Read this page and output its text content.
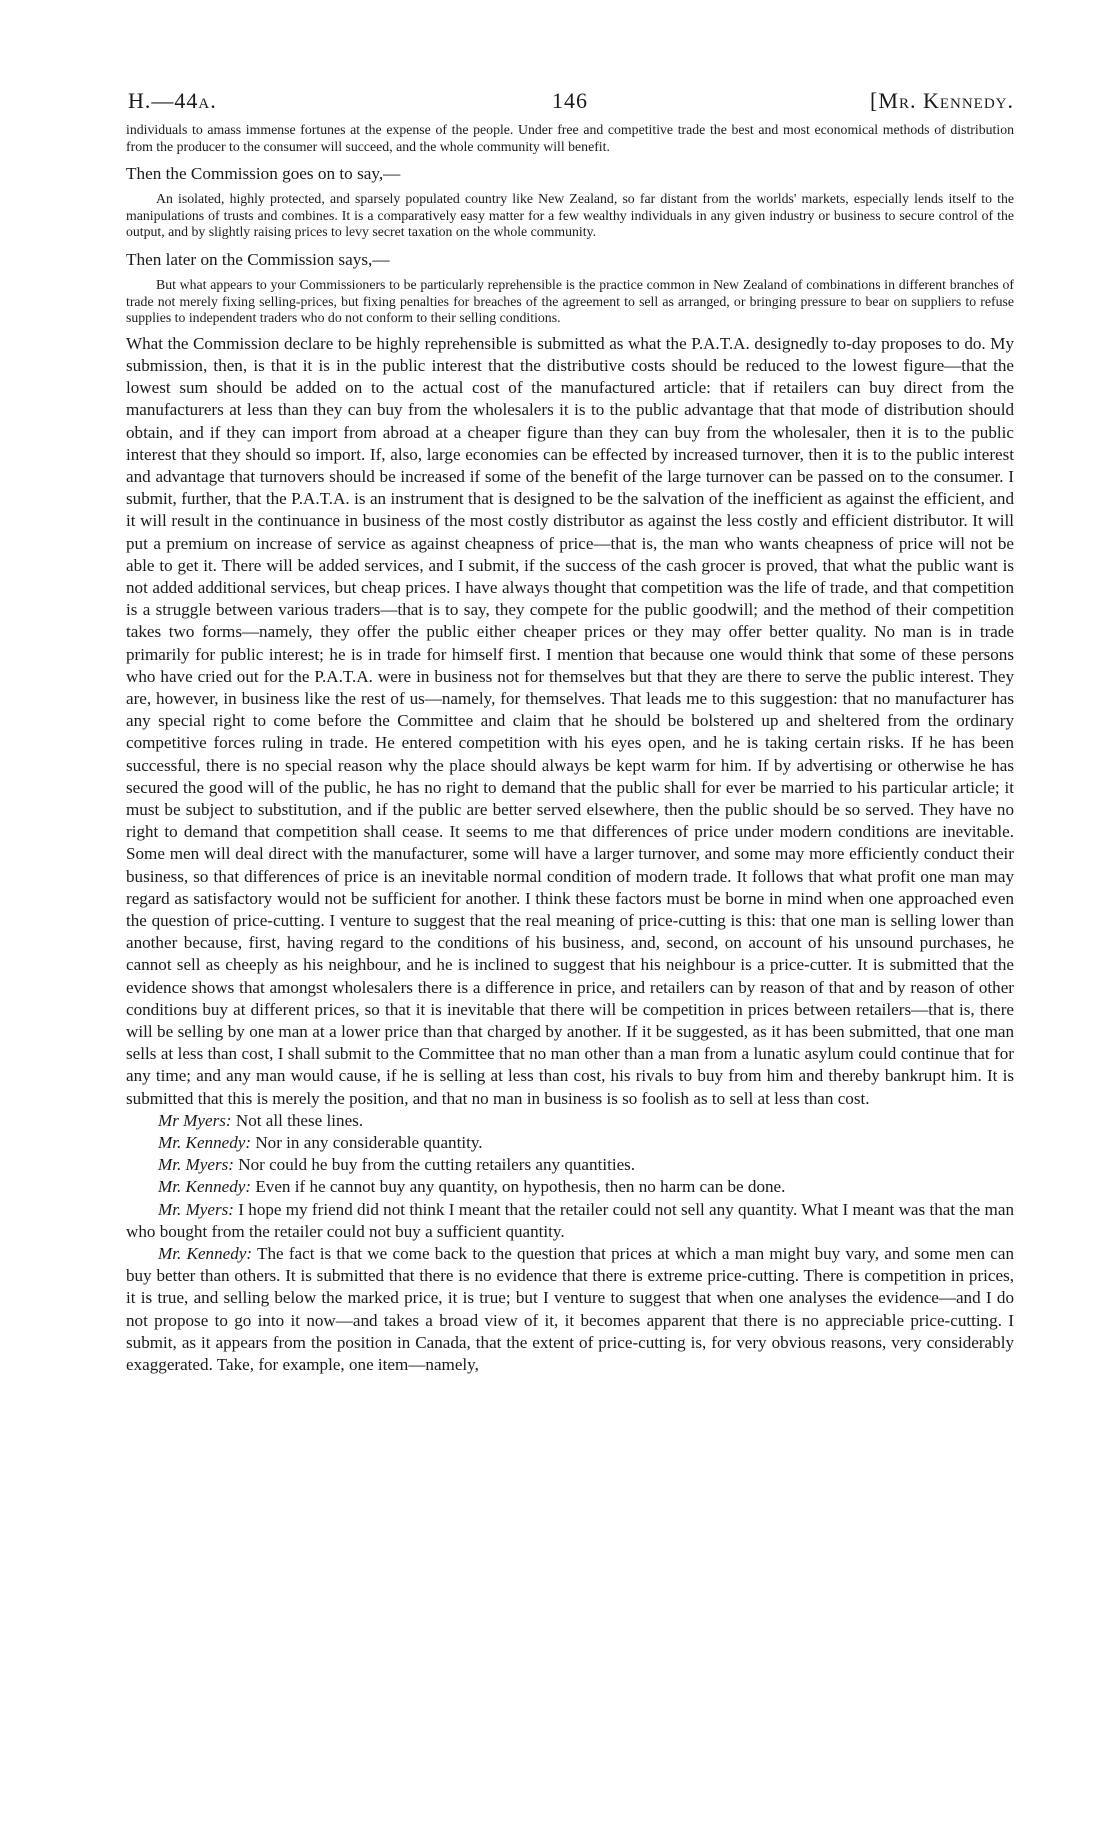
H.—44A.	146	[MR. KENNEDY.

individuals to amass immense fortunes at the expense of the people. Under free and competitive trade the best and most economical methods of distribution from the producer to the consumer will succeed, and the whole community will benefit.

Then the Commission goes on to say,—

An isolated, highly protected, and sparsely populated country like New Zealand, so far distant from the worlds' markets, especially lends itself to the manipulations of trusts and combines. It is a comparatively easy matter for a few wealthy individuals in any given industry or business to secure control of the output, and by slightly raising prices to levy secret taxation on the whole community.

Then later on the Commission says,—

But what appears to your Commissioners to be particularly reprehensible is the practice common in New Zealand of combinations in different branches of trade not merely fixing selling-prices, but fixing penalties for breaches of the agreement to sell as arranged, or bringing pressure to bear on suppliers to refuse supplies to independent traders who do not conform to their selling conditions.

What the Commission declare to be highly reprehensible is submitted as what the P.A.T.A. designedly to-day proposes to do. My submission, then, is that it is in the public interest that the distributive costs should be reduced to the lowest figure—that the lowest sum should be added on to the actual cost of the manufactured article: that if retailers can buy direct from the manufacturers at less than they can buy from the wholesalers it is to the public advantage that that mode of distribution should obtain, and if they can import from abroad at a cheaper figure than they can buy from the wholesaler, then it is to the public interest that they should so import. If, also, large economies can be effected by increased turnover, then it is to the public interest and advantage that turnovers should be increased if some of the benefit of the large turnover can be passed on to the consumer. I submit, further, that the P.A.T.A. is an instrument that is designed to be the salvation of the inefficient as against the efficient, and it will result in the continuance in business of the most costly distributor as against the less costly and efficient distributor. It will put a premium on increase of service as against cheapness of price—that is, the man who wants cheapness of price will not be able to get it. There will be added services, and I submit, if the success of the cash grocer is proved, that what the public want is not added additional services, but cheap prices. I have always thought that competition was the life of trade, and that competition is a struggle between various traders—that is to say, they compete for the public goodwill; and the method of their competition takes two forms—namely, they offer the public either cheaper prices or they may offer better quality. No man is in trade primarily for public interest; he is in trade for himself first. I mention that because one would think that some of these persons who have cried out for the P.A.T.A. were in business not for themselves but that they are there to serve the public interest. They are, however, in business like the rest of us—namely, for themselves. That leads me to this suggestion: that no manufacturer has any special right to come before the Committee and claim that he should be bolstered up and sheltered from the ordinary competitive forces ruling in trade. He entered competition with his eyes open, and he is taking certain risks. If he has been successful, there is no special reason why the place should always be kept warm for him. If by advertising or otherwise he has secured the good will of the public, he has no right to demand that the public shall for ever be married to his particular article; it must be subject to substitution, and if the public are better served elsewhere, then the public should be so served. They have no right to demand that competition shall cease. It seems to me that differences of price under modern conditions are inevitable. Some men will deal direct with the manufacturer, some will have a larger turnover, and some may more efficiently conduct their business, so that differences of price is an inevitable normal condition of modern trade. It follows that what profit one man may regard as satisfactory would not be sufficient for another. I think these factors must be borne in mind when one approached even the question of price-cutting. I venture to suggest that the real meaning of price-cutting is this: that one man is selling lower than another because, first, having regard to the conditions of his business, and, second, on account of his unsound purchases, he cannot sell as cheeply as his neighbour, and he is inclined to suggest that his neighbour is a price-cutter. It is submitted that the evidence shows that amongst wholesalers there is a difference in price, and retailers can by reason of that and by reason of other conditions buy at different prices, so that it is inevitable that there will be competition in prices between retailers—that is, there will be selling by one man at a lower price than that charged by another. If it be suggested, as it has been submitted, that one man sells at less than cost, I shall submit to the Committee that no man other than a man from a lunatic asylum could continue that for any time; and any man would cause, if he is selling at less than cost, his rivals to buy from him and thereby bankrupt him. It is submitted that this is merely the position, and that no man in business is so foolish as to sell at less than cost.

Mr Myers: Not all these lines.

Mr. Kennedy: Nor in any considerable quantity.

Mr. Myers: Nor could he buy from the cutting retailers any quantities.

Mr. Kennedy: Even if he cannot buy any quantity, on hypothesis, then no harm can be done.

Mr. Myers: I hope my friend did not think I meant that the retailer could not sell any quantity. What I meant was that the man who bought from the retailer could not buy a sufficient quantity.

Mr. Kennedy: The fact is that we come back to the question that prices at which a man might buy vary, and some men can buy better than others. It is submitted that there is no evidence that there is extreme price-cutting. There is competition in prices, it is true, and selling below the marked price, it is true; but I venture to suggest that when one analyses the evidence—and I do not propose to go into it now—and takes a broad view of it, it becomes apparent that there is no appreciable price-cutting. I submit, as it appears from the position in Canada, that the extent of price-cutting is, for very obvious reasons, very considerably exaggerated. Take, for example, one item—namely,
